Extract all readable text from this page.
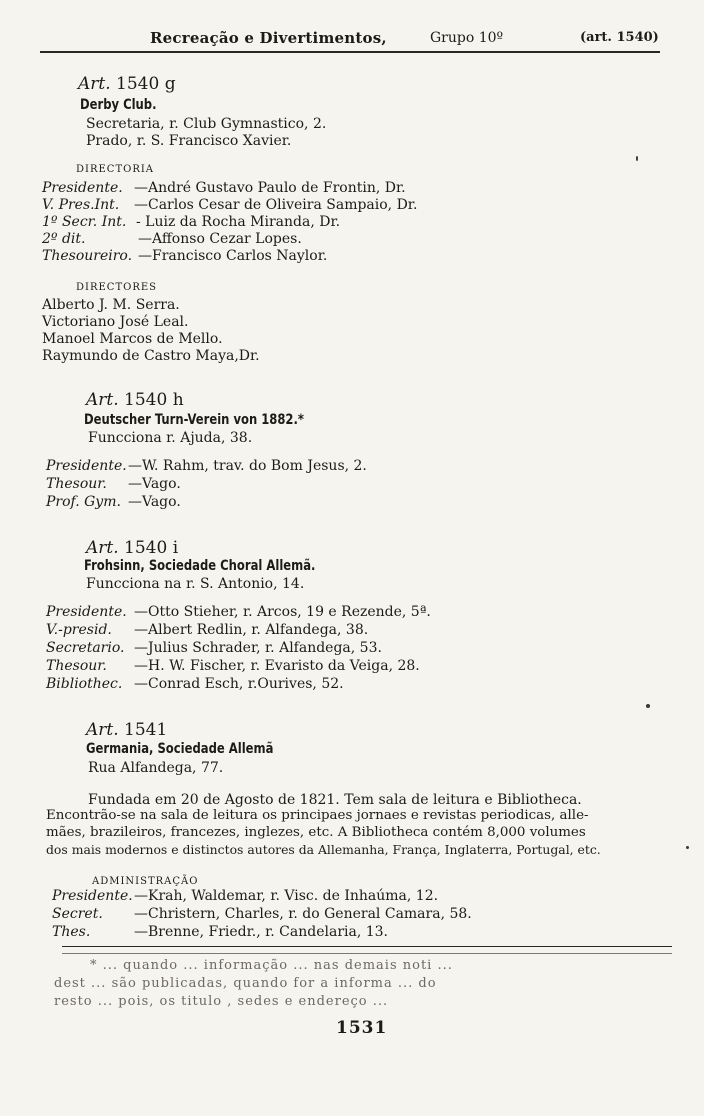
Recreação e Divertimentos,	Grupo 10º	(art. 1540)
Art. 1540 g
Derby Club.
Secretaria, r. Club Gymnastico, 2.
Prado, r. S. Francisco Xavier.
DIRECTORIA
Presidente. —André Gustavo Paulo de Frontin, Dr.
V. Pres.Int. —Carlos Cesar de Oliveira Sampaio, Dr.
1º Secr. Int. - Luiz da Rocha Miranda, Dr.
2º dit.	—Affonso Cezar Lopes.
Thesoureiro. —Francisco Carlos Naylor.
DIRECTORES
Alberto J. M. Serra.
Victoriano José Leal.
Manoel Marcos de Mello.
Raymundo de Castro Maya,Dr.
Art. 1540 h
Deutscher Turn-Verein von 1882.*
Funcciona r. Ajuda, 38.
Presidente.—W. Rahm, trav. do Bom Jesus, 2.
Thesour. —Vago.
Prof. Gym. —Vago.
Art. 1540 i
Frohsinn, Sociedade Choral Allemã.
Funcciona na r. S. Antonio, 14.
Presidente. —Otto Stieher, r. Arcos, 19 e Rezende, 5ª.
V.-presid. —Albert Redlin, r. Alfandega, 38.
Secretario. —Julius Schrader, r. Alfandega, 53.
Thesour. —H. W. Fischer, r. Evaristo da Veiga, 28.
Bibliothec. —Conrad Esch, r.Ourives, 52.
Art. 1541
Germania, Sociedade Allemã
Rua Alfandega, 77.
Fundada em 20 de Agosto de 1821. Tem sala de leitura e Bibliotheca.
Encontrão-se na sala de leitura os principaes jornaes e revistas periodicas, alle-
mães, brazileiros, francezes, inglezes, etc. A Bibliotheca contém 8,000 volumes
dos mais modernos e distinctos autores da Allemanha, França, Inglaterra, Portugal, etc.
ADMINISTRAÇÃO
Presidente.—Krah, Waldemar, r. Visc. de Inhaúma, 12.
Secret. —Christern, Charles, r. do General Camara, 58.
Thes.	—Brenne, Friedr., r. Candelaria, 13.
* ... quando ... informação ... nas demais noti ...
dest ... são publicadas, quando for a informa ... do
resto ... pois, os titulo , sedes e endereço ...
1531
